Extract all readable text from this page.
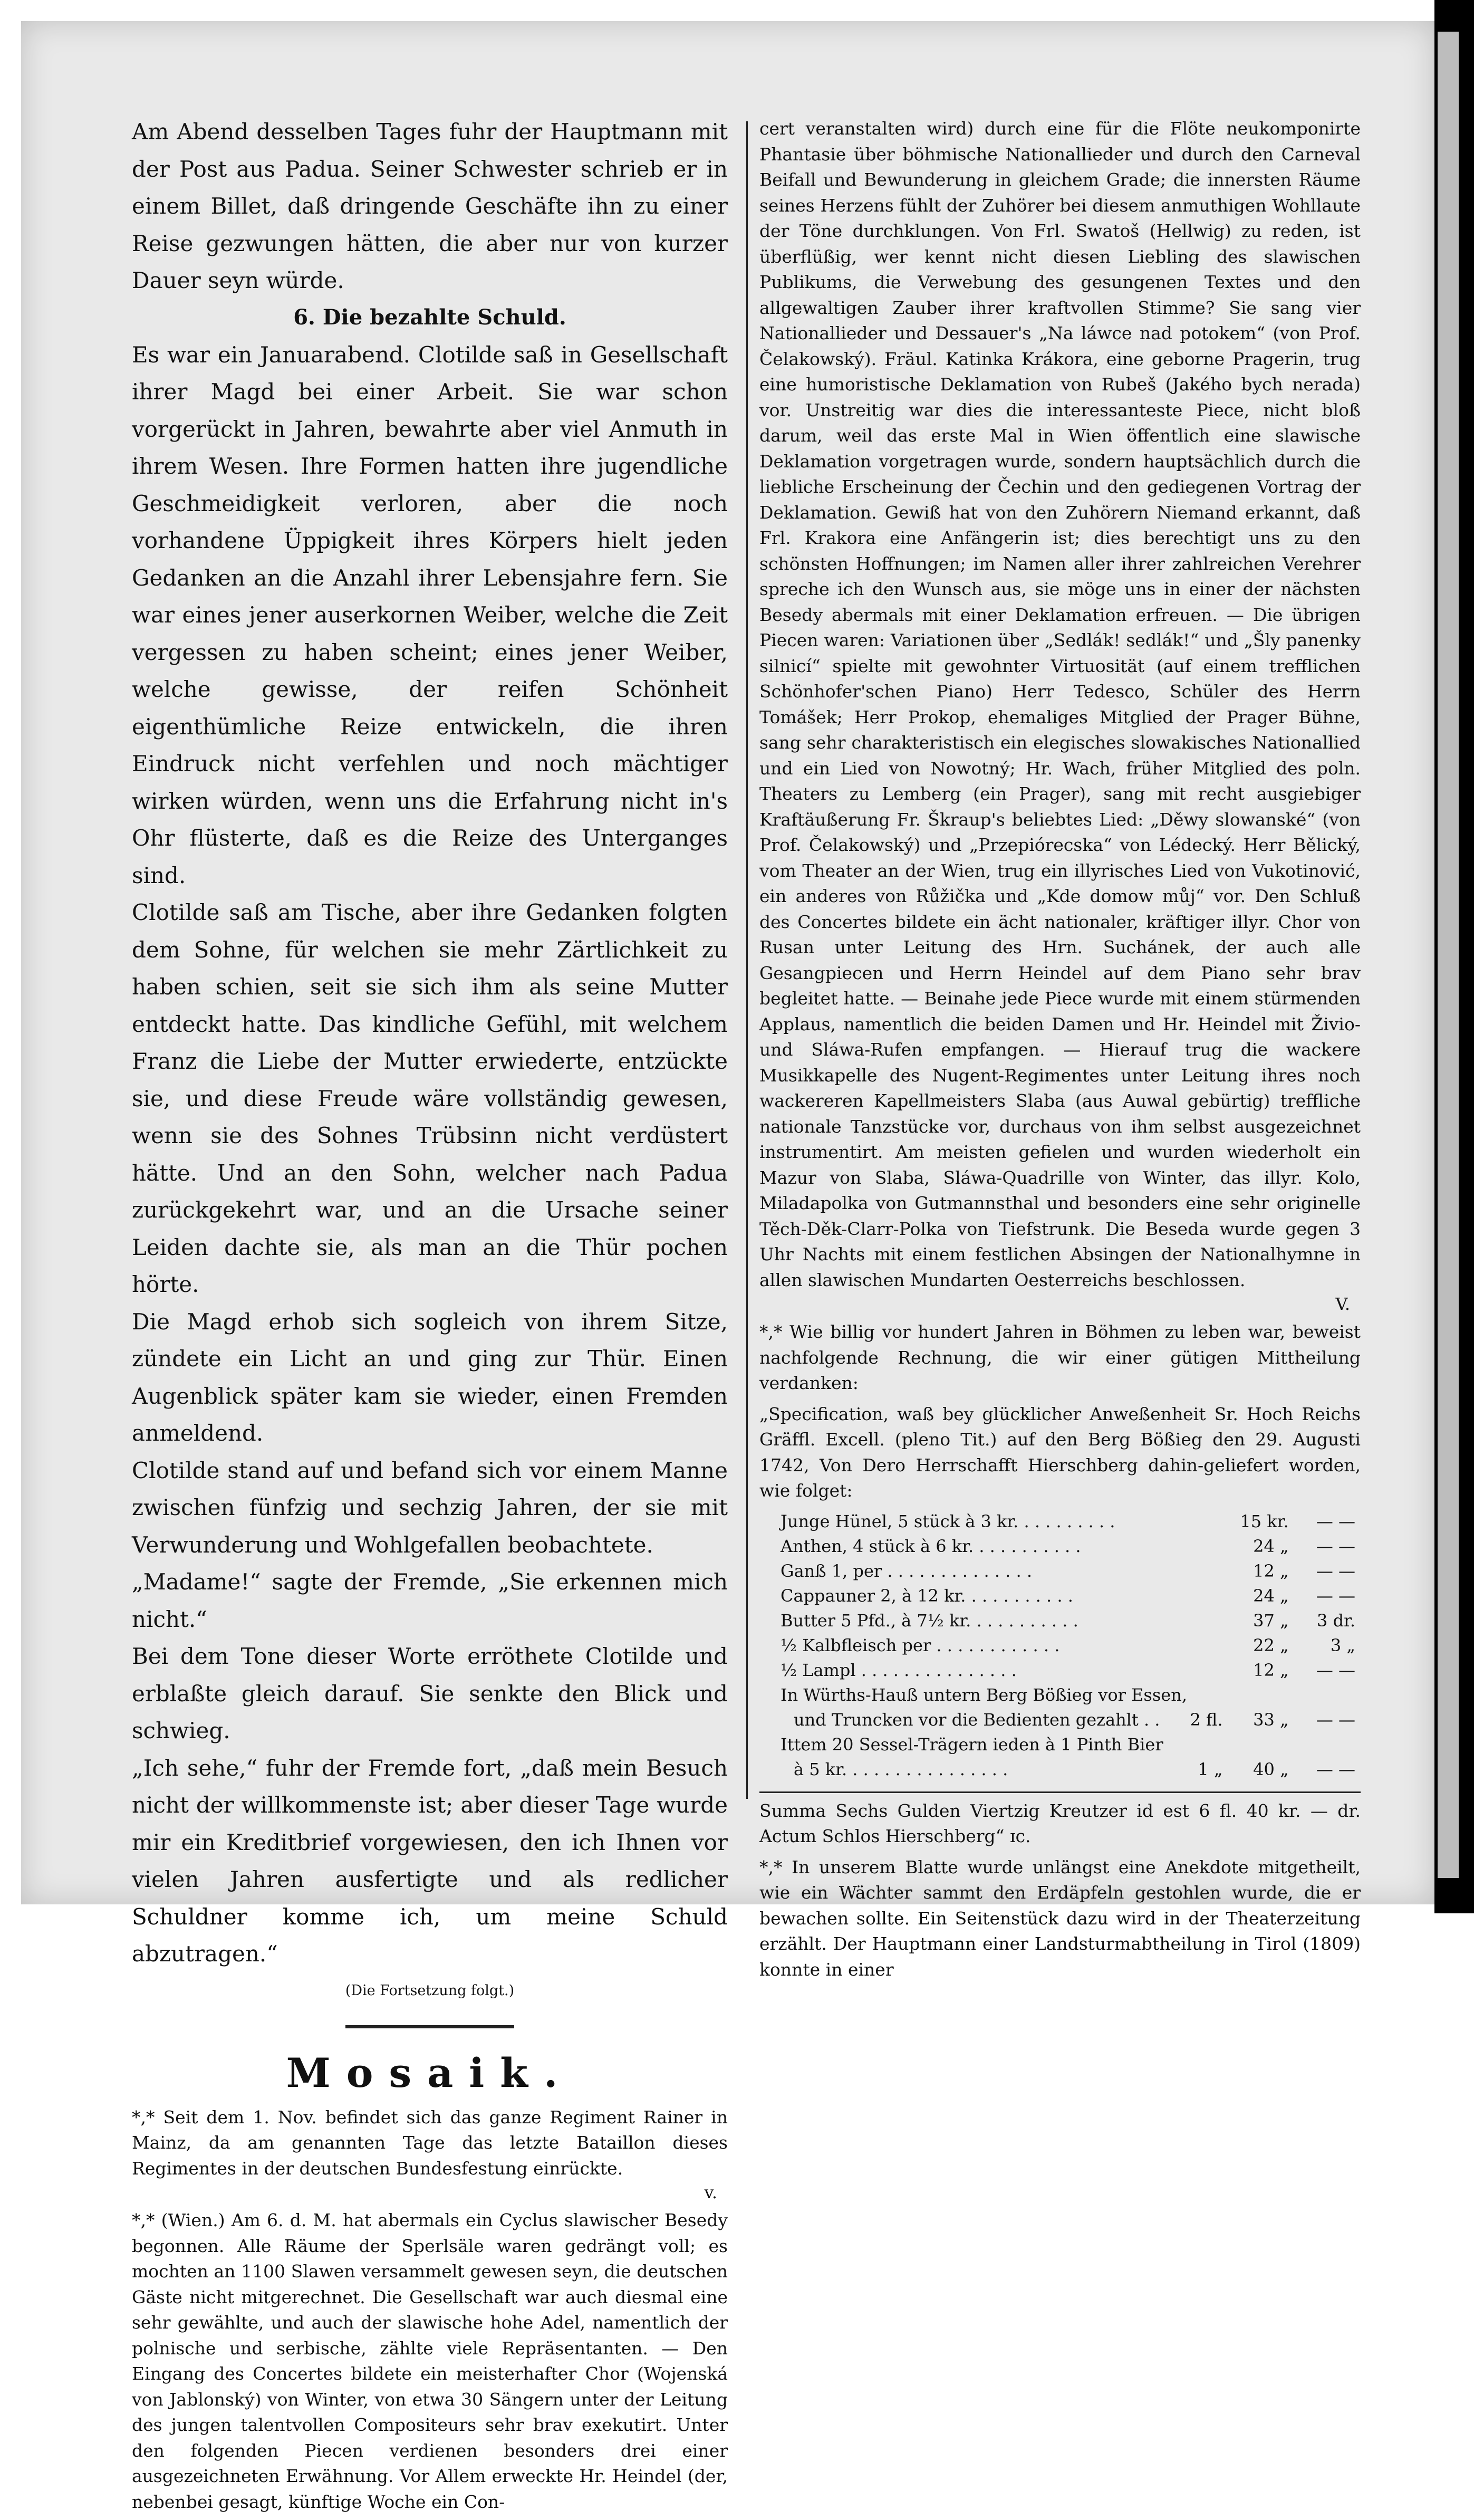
Am Abend desselben Tages fuhr der Hauptmann mit der Post aus Padua. Seiner Schwester schrieb er in einem Billet, daß dringende Geschäfte ihn zu einer Reise gezwungen hätten, die aber nur von kurzer Dauer seyn würde.

6. Die bezahlte Schuld.

Es war ein Januarabend. Clotilde saß in Gesellschaft ihrer Magd bei einer Arbeit. Sie war schon vorgerückt in Jahren, bewahrte aber viel Anmuth in ihrem Wesen. Ihre Formen hatten ihre jugendliche Geschmeidigkeit verloren, aber die noch vorhandene Üppigkeit ihres Körpers hielt jeden Gedanken an die Anzahl ihrer Lebensjahre fern. Sie war eines jener auserkornen Weiber, welche die Zeit vergessen zu haben scheint; eines jener Weiber, welche gewisse, der reifen Schönheit eigenthümliche Reize entwickeln, die ihren Eindruck nicht verfehlen und noch mächtiger wirken würden, wenn uns die Erfahrung nicht in's Ohr flüsterte, daß es die Reize des Unterganges sind.

Clotilde saß am Tische, aber ihre Gedanken folgten dem Sohne, für welchen sie mehr Zärtlichkeit zu haben schien, seit sie sich ihm als seine Mutter entdeckt hatte. Das kindliche Gefühl, mit welchem Franz die Liebe der Mutter erwiederte, entzückte sie, und diese Freude wäre vollständig gewesen, wenn sie des Sohnes Trübsinn nicht verdüstert hätte. Und an den Sohn, welcher nach Padua zurückgekehrt war, und an die Ursache seiner Leiden dachte sie, als man an die Thür pochen hörte.

Die Magd erhob sich sogleich von ihrem Sitze, zündete ein Licht an und ging zur Thür. Einen Augenblick später kam sie wieder, einen Fremden anmeldend.

Clotilde stand auf und befand sich vor einem Manne zwischen fünfzig und sechzig Jahren, der sie mit Verwunderung und Wohlgefallen beobachtete.

„Madame!“ sagte der Fremde, „Sie erkennen mich nicht.“

Bei dem Tone dieser Worte erröthete Clotilde und erblaßte gleich darauf. Sie senkte den Blick und schwieg.

„Ich sehe,“ fuhr der Fremde fort, „daß mein Besuch nicht der willkommenste ist; aber dieser Tage wurde mir ein Kreditbrief vorgewiesen, den ich Ihnen vor vielen Jahren ausfertigte und als redlicher Schuldner komme ich, um meine Schuld abzutragen.“

(Die Fortsetzung folgt.)
Mosaik.

*,* Seit dem 1. Nov. befindet sich das ganze Regiment Rainer in Mainz, da am genannten Tage das letzte Bataillon dieses Regimentes in der deutschen Bundesfestung einrückte.

v.

*,* (Wien.) Am 6. d. M. hat abermals ein Cyclus slawischer Besedy begonnen. Alle Räume der Sperlsäle waren gedrängt voll; es mochten an 1100 Slawen versammelt gewesen seyn, die deutschen Gäste nicht mitgerechnet. Die Gesellschaft war auch diesmal eine sehr gewählte, und auch der slawische hohe Adel, namentlich der polnische und serbische, zählte viele Repräsentanten. — Den Eingang des Concertes bildete ein meisterhafter Chor (Wojenská von Jablonský) von Winter, von etwa 30 Sängern unter der Leitung des jungen talentvollen Compositeurs sehr brav exekutirt. Unter den folgenden Piecen verdienen besonders drei einer ausgezeichneten Erwähnung. Vor Allem erweckte Hr. Heindel (der, nebenbei gesagt, künftige Woche ein Con-

cert veranstalten wird) durch eine für die Flöte neukomponirte Phantasie über böhmische Nationallieder und durch den Carneval Beifall und Bewunderung in gleichem Grade; die innersten Räume seines Herzens fühlt der Zuhörer bei diesem anmuthigen Wohllaute der Töne durchklungen. Von Frl. Swatoš (Hellwig) zu reden, ist überflüßig, wer kennt nicht diesen Liebling des slawischen Publikums, die Verwebung des gesungenen Textes und den allgewaltigen Zauber ihrer kraftvollen Stimme? Sie sang vier Nationallieder und Dessauer's „Na láwce nad potokem“ (von Prof. Čelakowský). Fräul. Katinka Krákora, eine geborne Pragerin, trug eine humoristische Deklamation von Rubeš (Jakého bych nerada) vor. Unstreitig war dies die interessanteste Piece, nicht bloß darum, weil das erste Mal in Wien öffentlich eine slawische Deklamation vorgetragen wurde, sondern hauptsächlich durch die liebliche Erscheinung der Čechin und den gediegenen Vortrag der Deklamation. Gewiß hat von den Zuhörern Niemand erkannt, daß Frl. Krakora eine Anfängerin ist; dies berechtigt uns zu den schönsten Hoffnungen; im Namen aller ihrer zahlreichen Verehrer spreche ich den Wunsch aus, sie möge uns in einer der nächsten Besedy abermals mit einer Deklamation erfreuen. — Die übrigen Piecen waren: Variationen über „Sedlák! sedlák!“ und „Šly panenky silnicí“ spielte mit gewohnter Virtuosität (auf einem trefflichen Schönhofer'schen Piano) Herr Tedesco, Schüler des Herrn Tomášek; Herr Prokop, ehemaliges Mitglied der Prager Bühne, sang sehr charakteristisch ein elegisches slowakisches Nationallied und ein Lied von Nowotný; Hr. Wach, früher Mitglied des poln. Theaters zu Lemberg (ein Prager), sang mit recht ausgiebiger Kraftäußerung Fr. Škraup's beliebtes Lied: „Děwy slowanské“ (von Prof. Čelakowský) und „Przepiórecska“ von Lédecký. Herr Bělický, vom Theater an der Wien, trug ein illyrisches Lied von Vukotinović, ein anderes von Růžička und „Kde domow můj“ vor. Den Schluß des Concertes bildete ein ächt nationaler, kräftiger illyr. Chor von Rusan unter Leitung des Hrn. Suchánek, der auch alle Gesangpiecen und Herrn Heindel auf dem Piano sehr brav begleitet hatte. — Beinahe jede Piece wurde mit einem stürmenden Applaus, namentlich die beiden Damen und Hr. Heindel mit Živio- und Sláwa-Rufen empfangen. — Hierauf trug die wackere Musikkapelle des Nugent-Regimentes unter Leitung ihres noch wackereren Kapellmeisters Slaba (aus Auwal gebürtig) treffliche nationale Tanzstücke vor, durchaus von ihm selbst ausgezeichnet instrumentirt. Am meisten gefielen und wurden wiederholt ein Mazur von Slaba, Sláwa-Quadrille von Winter, das illyr. Kolo, Miladapolka von Gutmannsthal und besonders eine sehr originelle Těch-Děk-Clarr-Polka von Tiefstrunk. Die Beseda wurde gegen 3 Uhr Nachts mit einem festlichen Absingen der Nationalhymne in allen slawischen Mundarten Oesterreichs beschlossen.

V.

*,* Wie billig vor hundert Jahren in Böhmen zu leben war, beweist nachfolgende Rechnung, die wir einer gütigen Mittheilung verdanken:

„Specification, waß bey glücklicher Anweßenheit Sr. Hoch Reichs Gräffl. Excell. (pleno Tit.) auf den Berg Bößieg den 29. Augusti 1742, Von Dero Herrschafft Hierschberg dahin-geliefert worden, wie folget:

Junge Hünel, 5 stück à 3 kr. . . . . . . . . .		15 kr.	— —
Anthen, 4 stück à 6 kr. . . . . . . . . . .		24 „	— —
Ganß 1, per . . . . . . . . . . . . . .		12 „	— —
Cappauner 2, à 12 kr. . . . . . . . . . .		24 „	— —
Butter 5 Pfd., à 7½ kr. . . . . . . . . . .		37 „	3 dr.
½ Kalbfleisch per . . . . . . . . . . . .		22 „	3 „
½ Lampl . . . . . . . . . . . . . . .		12 „	— —
In Würths-Hauß untern Berg Bößieg vor Essen,			
und Truncken vor die Bedienten gezahlt . .	2 fl.	33 „	— —
Ittem 20 Sessel-Trägern ieden à 1 Pinth Bier			
à 5 kr. . . . . . . . . . . . . . . .	1 „	40 „	— —

Summa Sechs Gulden Viertzig Kreutzer id est 6 fl. 40 kr. — dr. Actum Schlos Hierschberg“ ɪc.

*,* In unserem Blatte wurde unlängst eine Anekdote mitgetheilt, wie ein Wächter sammt den Erdäpfeln gestohlen wurde, die er bewachen sollte. Ein Seitenstück dazu wird in der Theaterzeitung erzählt. Der Hauptmann einer Landsturmabtheilung in Tirol (1809) konnte in einer
